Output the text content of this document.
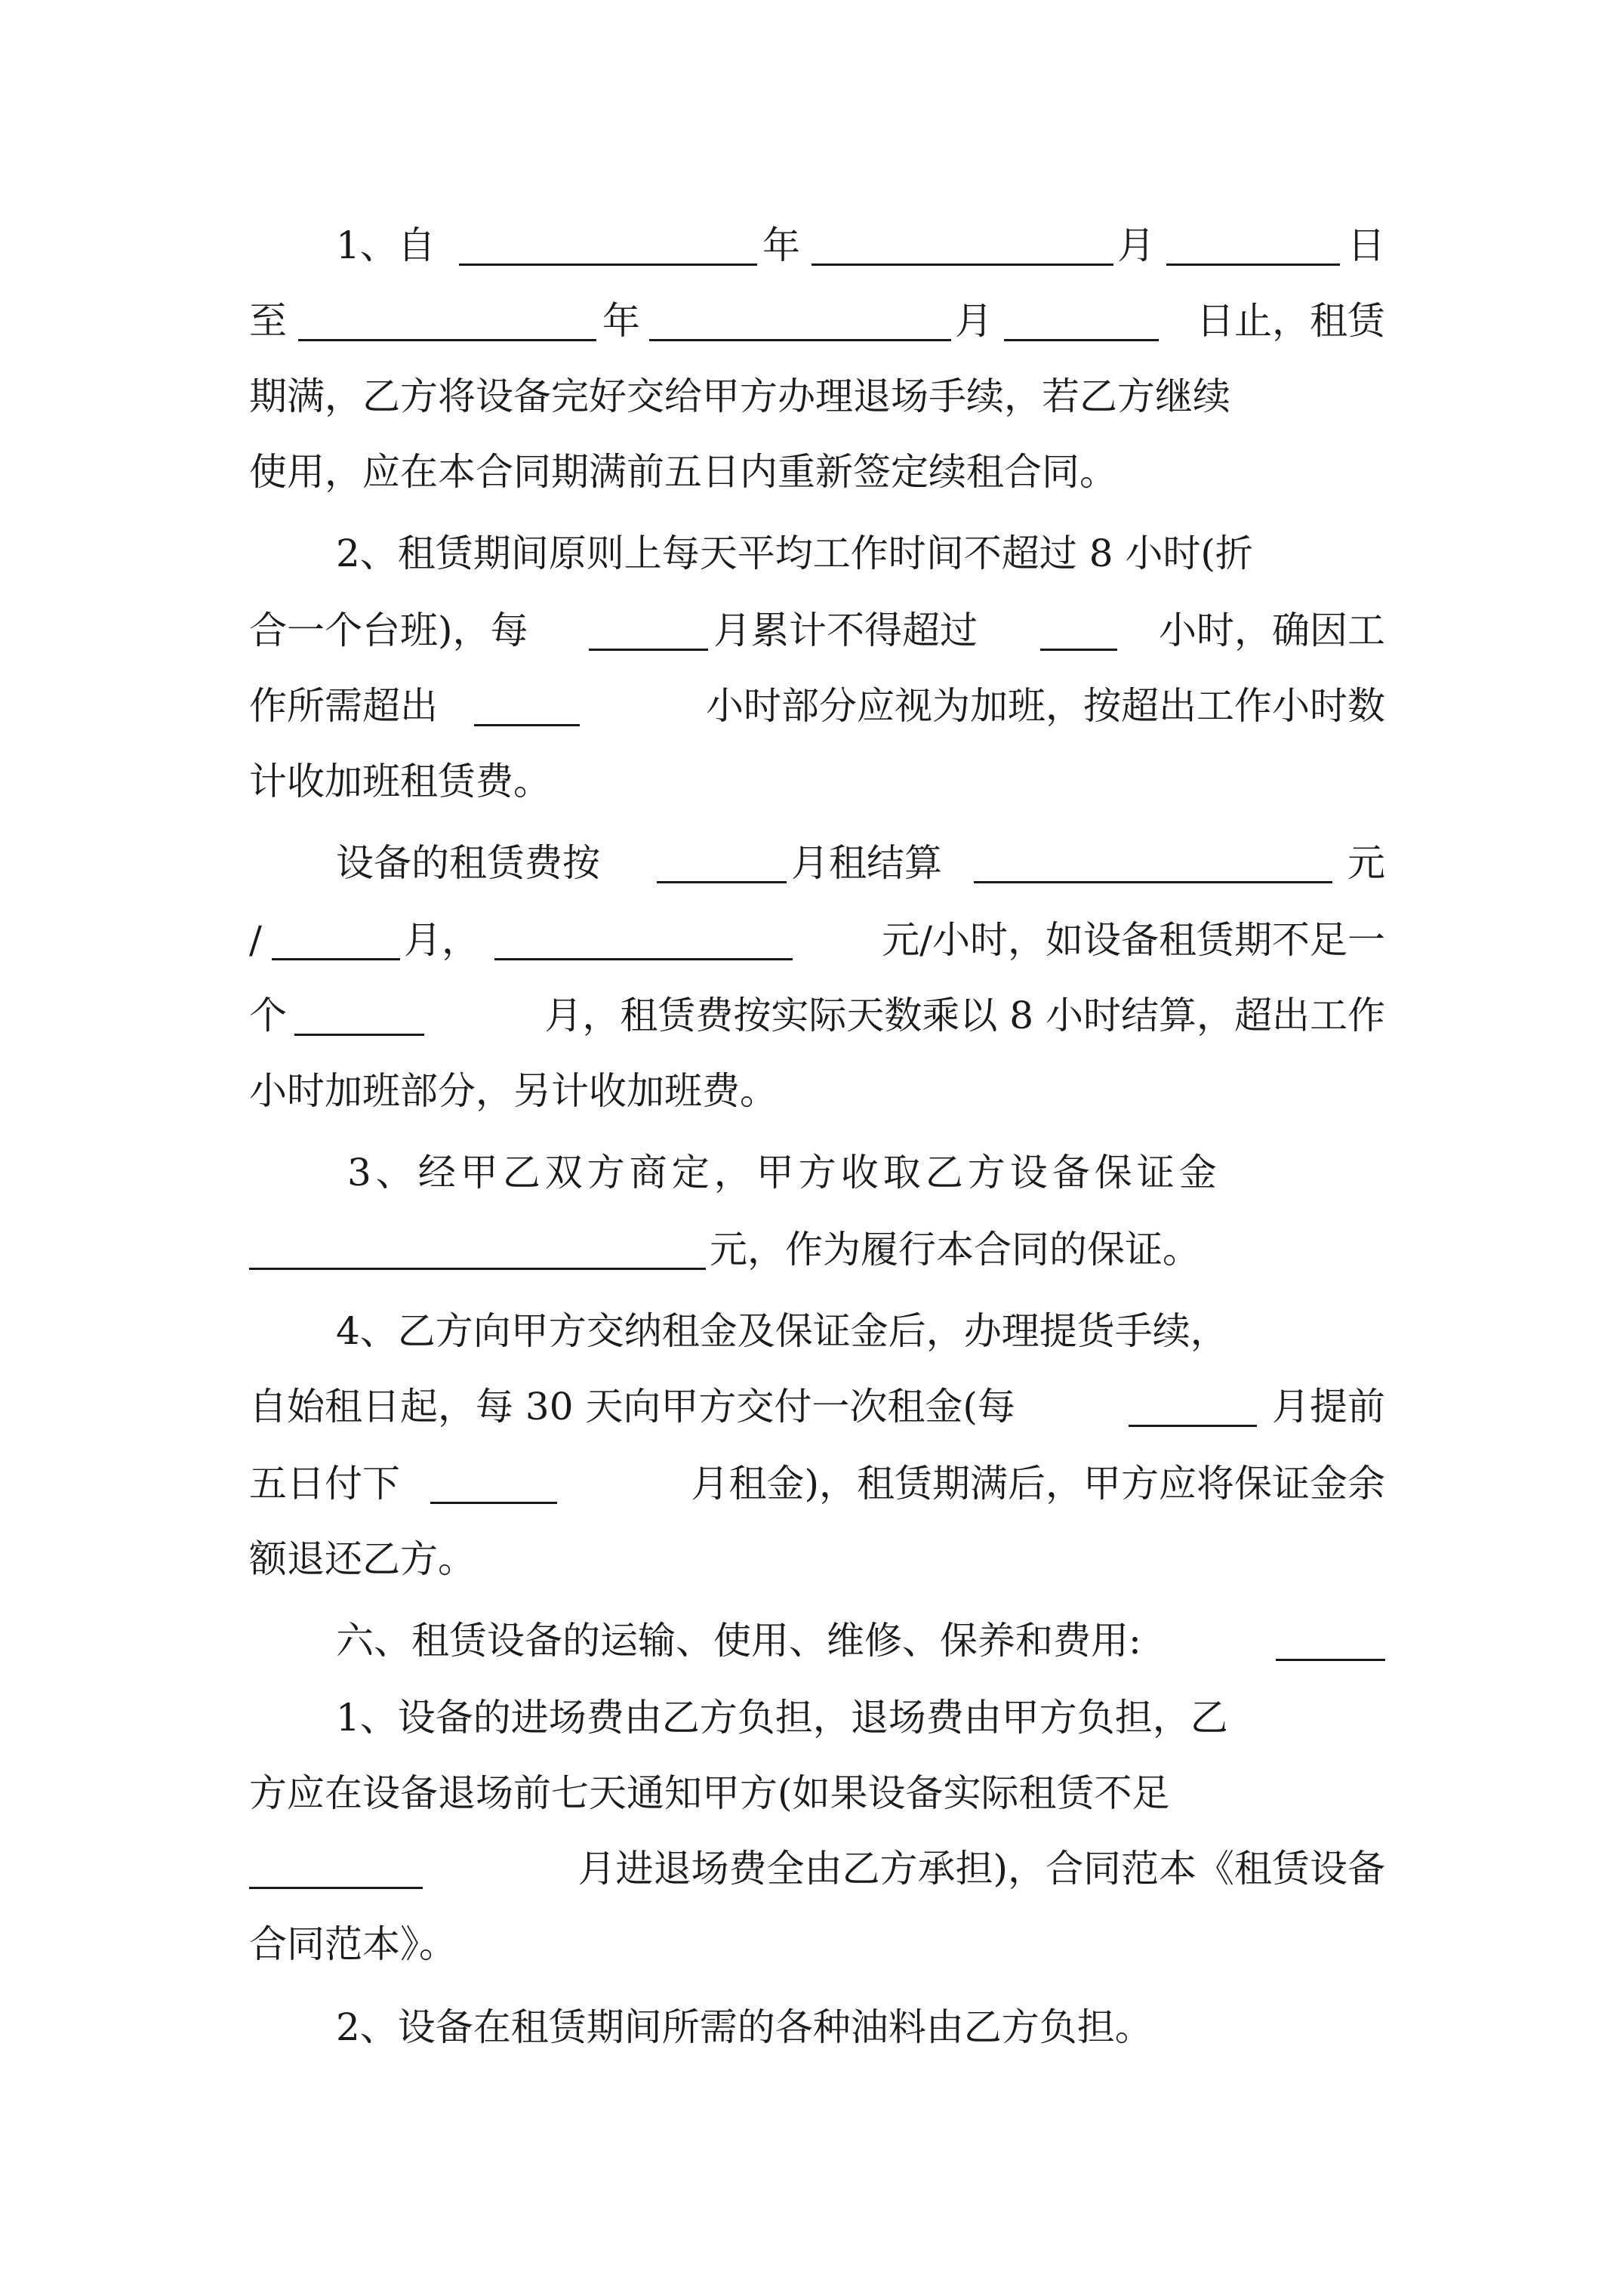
1、自

	年

	月

	日

至

	年

	月

	日止，租赁

期满，乙方将设备完好交给甲方办理退场手续，若乙方继续

使用，应在本合同期满前五日内重新签定续租合同。

2、租赁期间原则上每天平均工作时间不超过 8 小时(折

合一个台班)，每

	月累计不得超过

	小时，确因工

作所需超出

	小时部分应视为加班，按超出工作小时数

计收加班租赁费。

设备的租赁费按

	月租结算

	元

/

	月，

	元/小时，如设备租赁期不足一

个

	月，租赁费按实际天数乘以 8 小时结算，超出工作

小时加班部分，另计收加班费。

3、经甲乙双方商定，甲方收取乙方设备保证金

元，作为履行本合同的保证。

4、乙方向甲方交纳租金及保证金后，办理提货手续，

自始租日起，每 30 天向甲方交付一次租金(每

	月提前

五日付下

	月租金)，租赁期满后，甲方应将保证金余

额退还乙方。

六、租赁设备的运输、使用、维修、保养和费用:

1、设备的进场费由乙方负担，退场费由甲方负担，乙

方应在设备退场前七天通知甲方(如果设备实际租赁不足

月进退场费全由乙方承担)，合同范本《租赁设备

合同范本》。

2、设备在租赁期间所需的各种油料由乙方负担。
